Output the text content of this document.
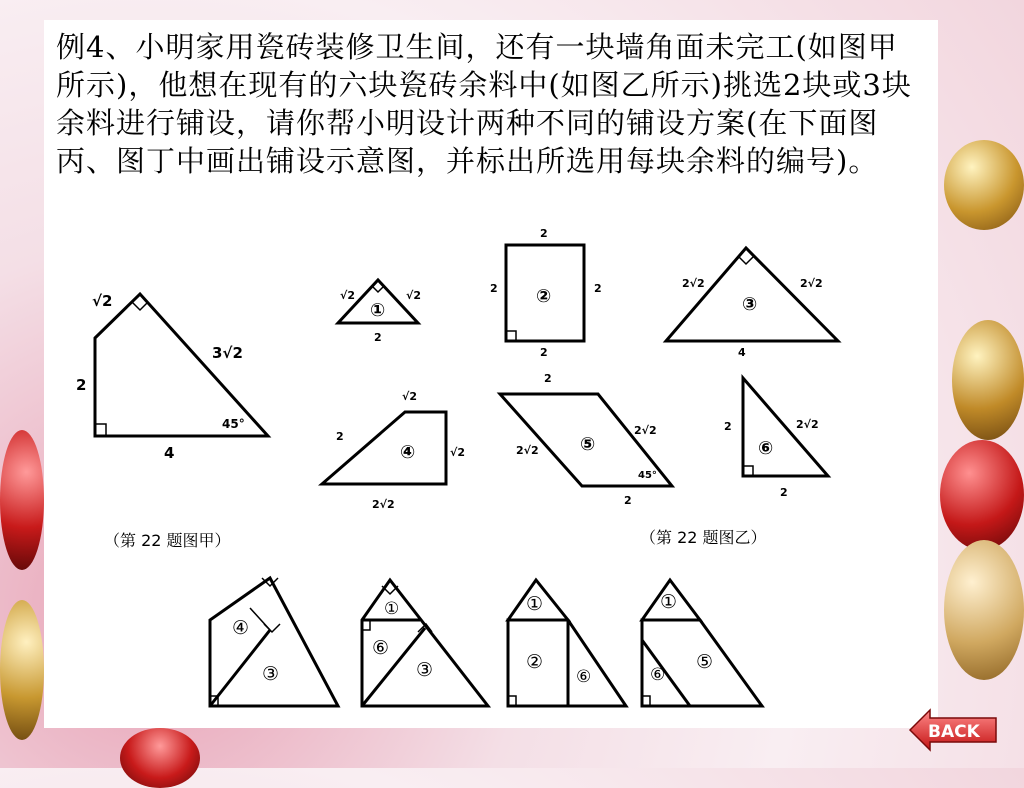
例4、小明家用瓷砖装修卫生间，还有一块墙角面未完工(如图甲所示)，他想在现有的六块瓷砖余料中(如图乙所示)挑选2块或3块余料进行铺设，请你帮小明设计两种不同的铺设方案(在下面图丙、图丁中画出铺设示意图，并标出所选用每块余料的编号)。

√2
3√2
2
4
45°
①
√2	√2
2
②
2
2	2
2
③
2√2	2√2
4
④
√2
2
√2
2√2
⑤
2
2√2
2√2
2
45°
⑥
2	2√2
2
④
③
①
⑥
③
①
②
⑥
①
⑥
⑤
（第 22 题图甲）	（第 22 题图乙）
BACK
